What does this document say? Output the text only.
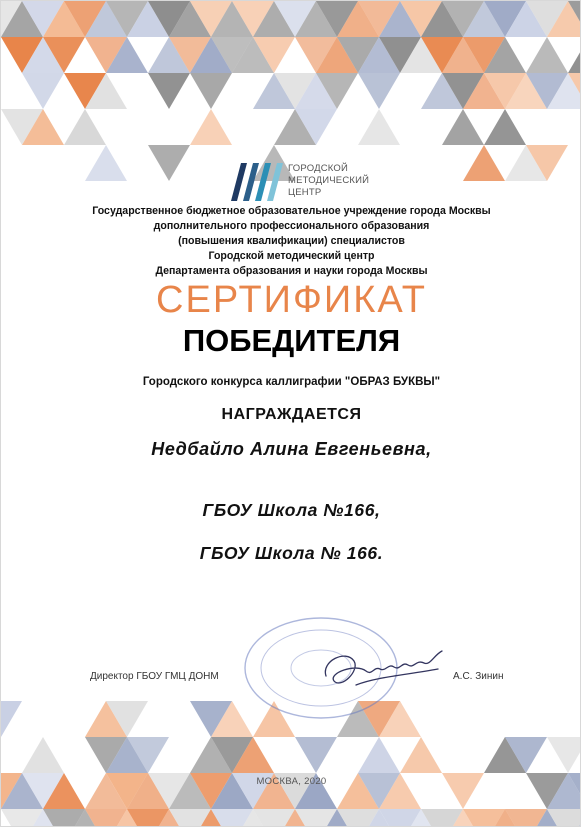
ГОРОДСКОЙ
МЕТОДИЧЕСКИЙ
ЦЕНТР
Государственное бюджетное образовательное учреждение города Москвы
дополнительного профессионального образования
(повышения квалификации) специалистов
Городской методический центр
Департамента образования и науки города Москвы
СЕРТИФИКАТ
ПОБЕДИТЕЛЯ
Городского конкурса каллиграфии "ОБРАЗ БУКВЫ"
НАГРАЖДАЕТСЯ
Недбайло Алина Евгеньевна,
ГБОУ Школа №166,
ГБОУ Школа № 166.
Директор ГБОУ ГМЦ ДОНМ	А.С. Зинин
МОСКВА, 2020
